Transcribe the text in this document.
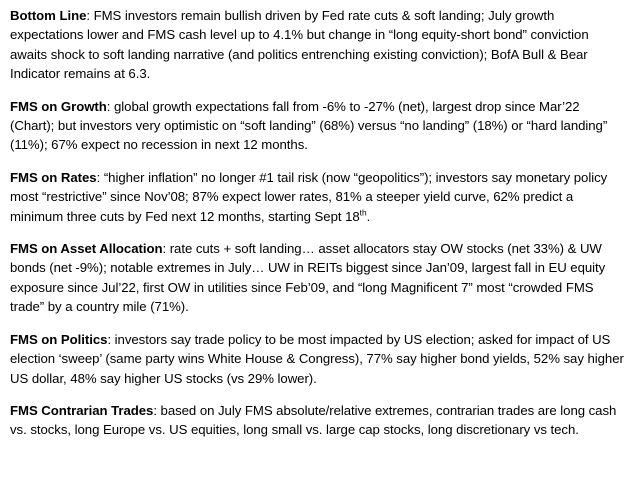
Bottom Line: FMS investors remain bullish driven by Fed rate cuts & soft landing; July growth expectations lower and FMS cash level up to 4.1% but change in “long equity-short bond” conviction awaits shock to soft landing narrative (and politics entrenching existing conviction); BofA Bull & Bear Indicator remains at 6.3.

FMS on Growth: global growth expectations fall from -6% to -27% (net), largest drop since Mar’22 (Chart); but investors very optimistic on “soft landing” (68%) versus “no landing” (18%) or “hard landing” (11%); 67% expect no recession in next 12 months.

FMS on Rates: “higher inflation” no longer #1 tail risk (now “geopolitics”); investors say monetary policy most “restrictive” since Nov’08; 87% expect lower rates, 81% a steeper yield curve, 62% predict a minimum three cuts by Fed next 12 months, starting Sept 18th.

FMS on Asset Allocation: rate cuts + soft landing… asset allocators stay OW stocks (net 33%) & UW bonds (net -9%); notable extremes in July… UW in REITs biggest since Jan’09, largest fall in EU equity exposure since Jul’22, first OW in utilities since Feb’09, and “long Magnificent 7” most “crowded FMS trade” by a country mile (71%).

FMS on Politics: investors say trade policy to be most impacted by US election; asked for impact of US election ‘sweep’ (same party wins White House & Congress), 77% say higher bond yields, 52% say higher US dollar, 48% say higher US stocks (vs 29% lower).

FMS Contrarian Trades: based on July FMS absolute/relative extremes, contrarian trades are long cash vs. stocks, long Europe vs. US equities, long small vs. large cap stocks, long discretionary vs tech.
